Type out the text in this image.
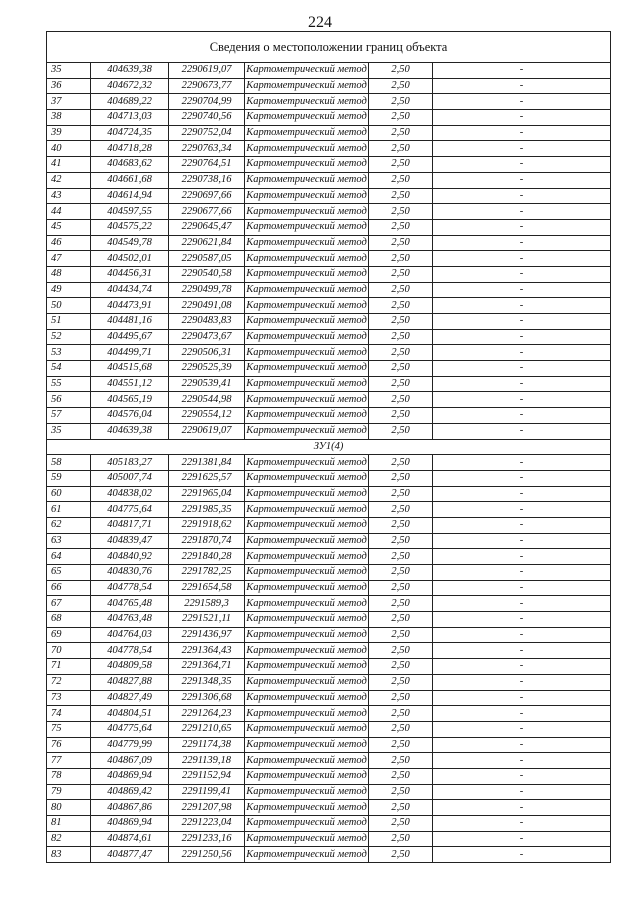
224
Сведения о местоположении границ объекта					
35	404639,38	2290619,07	Картометрический метод	2,50	-
36	404672,32	2290673,77	Картометрический метод	2,50	-
37	404689,22	2290704,99	Картометрический метод	2,50	-
38	404713,03	2290740,56	Картометрический метод	2,50	-
39	404724,35	2290752,04	Картометрический метод	2,50	-
40	404718,28	2290763,34	Картометрический метод	2,50	-
41	404683,62	2290764,51	Картометрический метод	2,50	-
42	404661,68	2290738,16	Картометрический метод	2,50	-
43	404614,94	2290697,66	Картометрический метод	2,50	-
44	404597,55	2290677,66	Картометрический метод	2,50	-
45	404575,22	2290645,47	Картометрический метод	2,50	-
46	404549,78	2290621,84	Картометрический метод	2,50	-
47	404502,01	2290587,05	Картометрический метод	2,50	-
48	404456,31	2290540,58	Картометрический метод	2,50	-
49	404434,74	2290499,78	Картометрический метод	2,50	-
50	404473,91	2290491,08	Картометрический метод	2,50	-
51	404481,16	2290483,83	Картометрический метод	2,50	-
52	404495,67	2290473,67	Картометрический метод	2,50	-
53	404499,71	2290506,31	Картометрический метод	2,50	-
54	404515,68	2290525,39	Картометрический метод	2,50	-
55	404551,12	2290539,41	Картометрический метод	2,50	-
56	404565,19	2290544,98	Картометрический метод	2,50	-
57	404576,04	2290554,12	Картометрический метод	2,50	-
35	404639,38	2290619,07	Картометрический метод	2,50	-
ЗУ1(4)					
58	405183,27	2291381,84	Картометрический метод	2,50	-
59	405007,74	2291625,57	Картометрический метод	2,50	-
60	404838,02	2291965,04	Картометрический метод	2,50	-
61	404775,64	2291985,35	Картометрический метод	2,50	-
62	404817,71	2291918,62	Картометрический метод	2,50	-
63	404839,47	2291870,74	Картометрический метод	2,50	-
64	404840,92	2291840,28	Картометрический метод	2,50	-
65	404830,76	2291782,25	Картометрический метод	2,50	-
66	404778,54	2291654,58	Картометрический метод	2,50	-
67	404765,48	2291589,3	Картометрический метод	2,50	-
68	404763,48	2291521,11	Картометрический метод	2,50	-
69	404764,03	2291436,97	Картометрический метод	2,50	-
70	404778,54	2291364,43	Картометрический метод	2,50	-
71	404809,58	2291364,71	Картометрический метод	2,50	-
72	404827,88	2291348,35	Картометрический метод	2,50	-
73	404827,49	2291306,68	Картометрический метод	2,50	-
74	404804,51	2291264,23	Картометрический метод	2,50	-
75	404775,64	2291210,65	Картометрический метод	2,50	-
76	404779,99	2291174,38	Картометрический метод	2,50	-
77	404867,09	2291139,18	Картометрический метод	2,50	-
78	404869,94	2291152,94	Картометрический метод	2,50	-
79	404869,42	2291199,41	Картометрический метод	2,50	-
80	404867,86	2291207,98	Картометрический метод	2,50	-
81	404869,94	2291223,04	Картометрический метод	2,50	-
82	404874,61	2291233,16	Картометрический метод	2,50	-
83	404877,47	2291250,56	Картометрический метод	2,50	-
